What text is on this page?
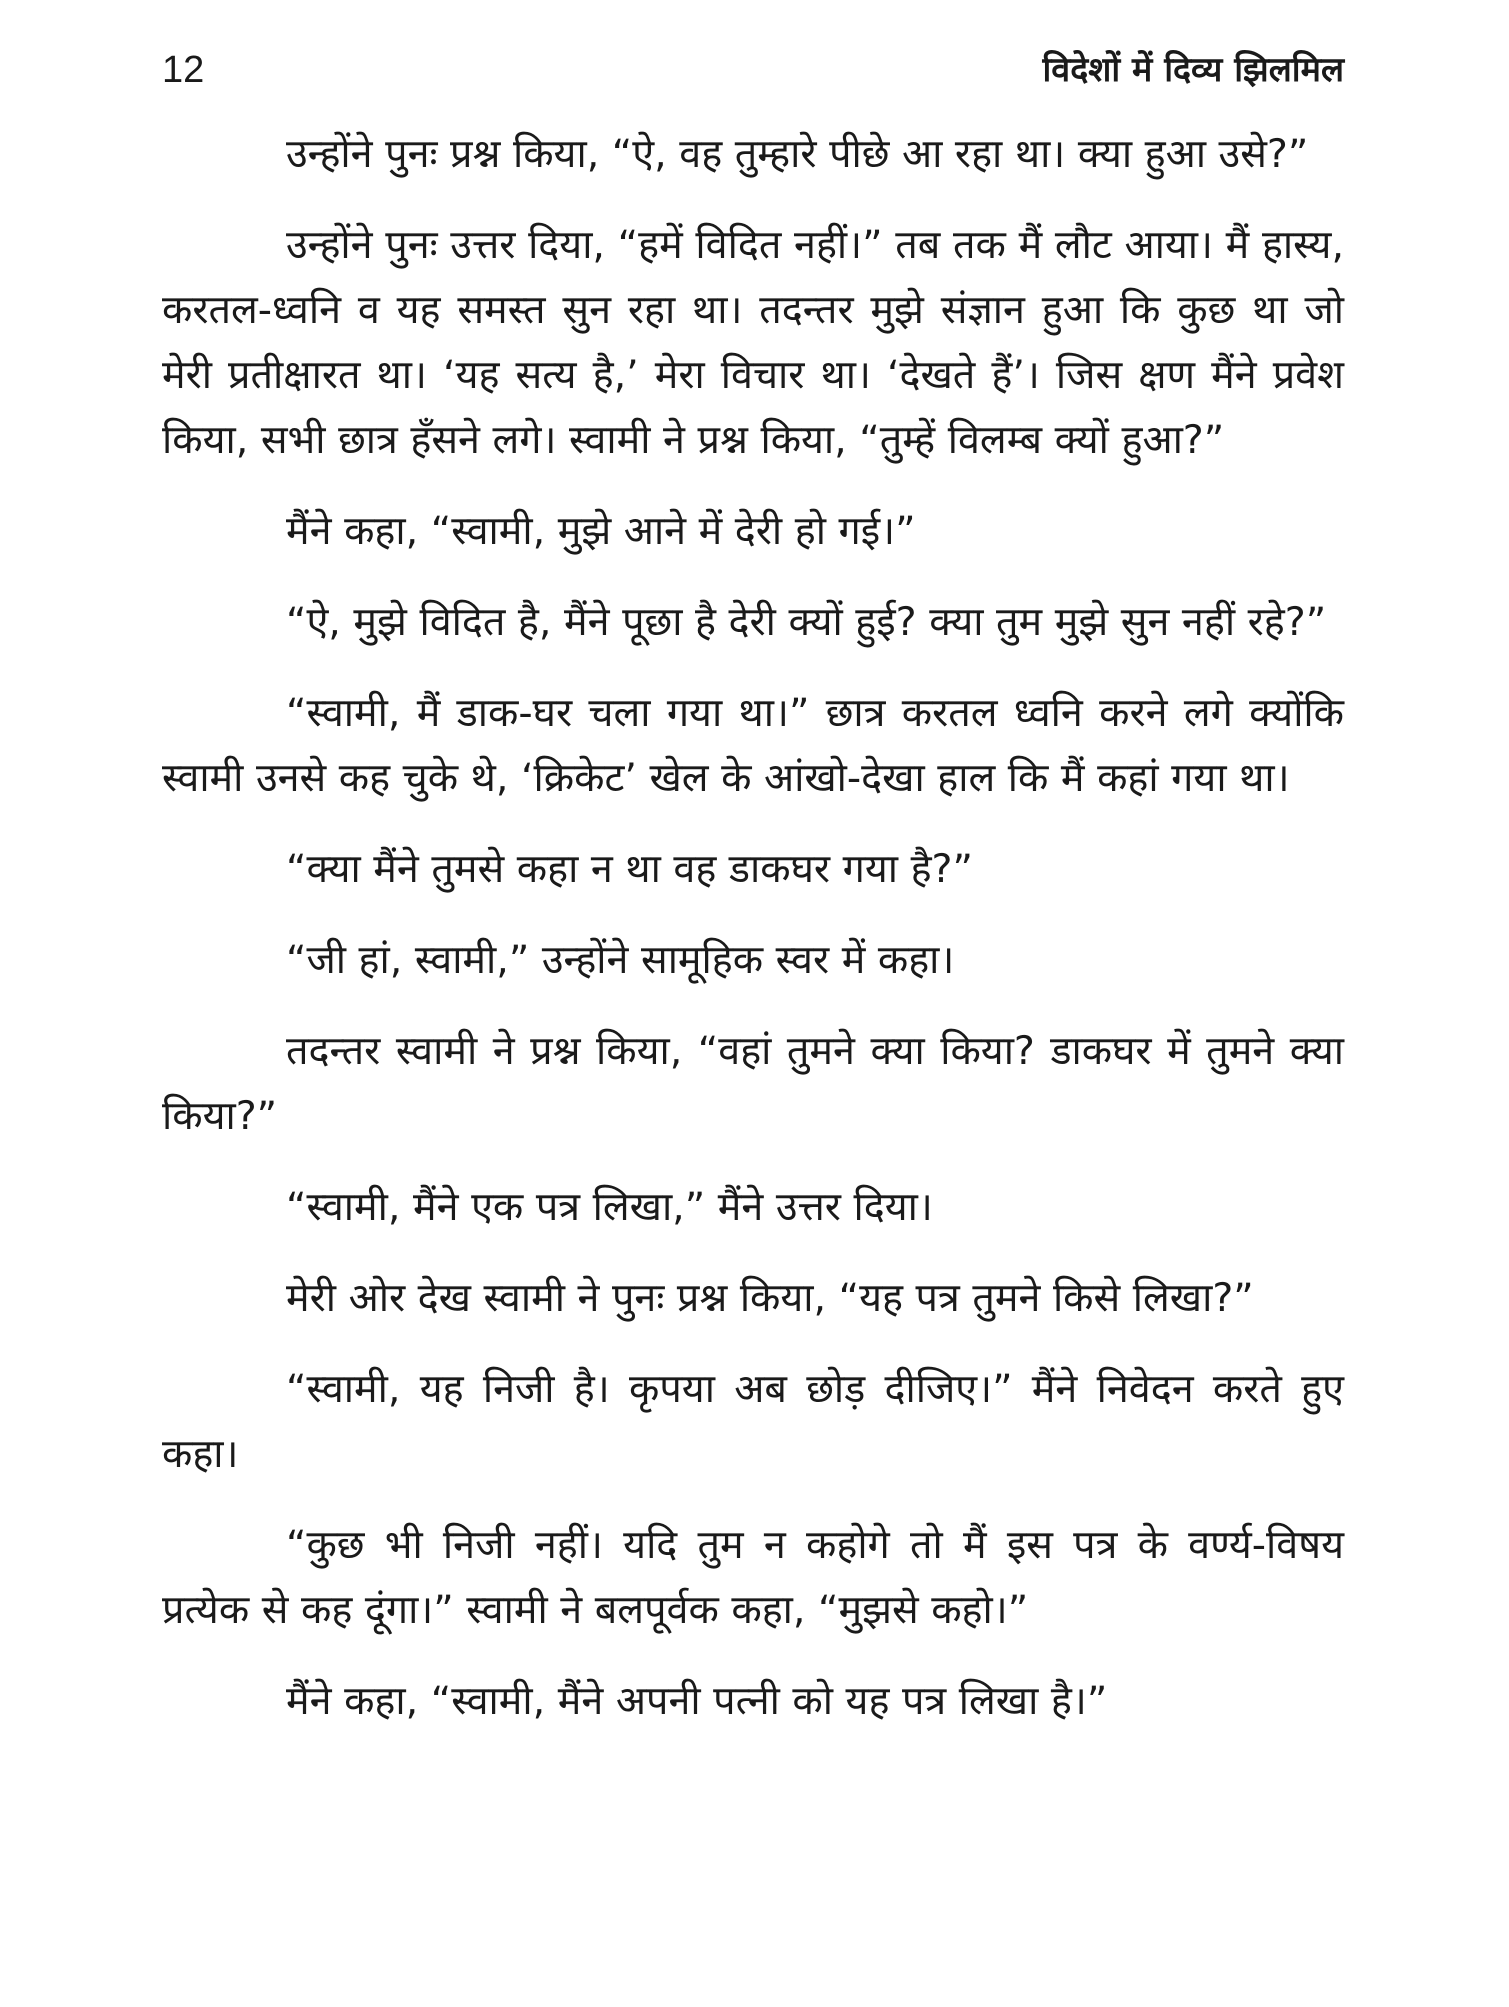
12	विदेशों में दिव्य झिलमिल

उन्होंने पुनः प्रश्न किया, “ऐ, वह तुम्हारे पीछे आ रहा था। क्या हुआ उसे?”

उन्होंने पुनः उत्तर दिया, “हमें विदित नहीं।” तब तक मैं लौट आया। मैं हास्य, करतल-ध्वनि व यह समस्त सुन रहा था। तदन्तर मुझे संज्ञान हुआ कि कुछ था जो मेरी प्रतीक्षारत था। ‘यह सत्य है,’ मेरा विचार था। ‘देखते हैं’। जिस क्षण मैंने प्रवेश किया, सभी छात्र हँसने लगे। स्वामी ने प्रश्न किया, “तुम्हें विलम्ब क्यों हुआ?”

मैंने कहा, “स्वामी, मुझे आने में देरी हो गई।”

“ऐ, मुझे विदित है, मैंने पूछा है देरी क्यों हुई? क्या तुम मुझे सुन नहीं रहे?”

“स्वामी, मैं डाक-घर चला गया था।” छात्र करतल ध्वनि करने लगे क्योंकि स्वामी उनसे कह चुके थे, ‘क्रिकेट’ खेल के आंखो-देखा हाल कि मैं कहां गया था।

“क्या मैंने तुमसे कहा न था वह डाकघर गया है?”

“जी हां, स्वामी,” उन्होंने सामूहिक स्वर में कहा।

तदन्तर स्वामी ने प्रश्न किया, “वहां तुमने क्या किया? डाकघर में तुमने क्या किया?”

“स्वामी, मैंने एक पत्र लिखा,” मैंने उत्तर दिया।

मेरी ओर देख स्वामी ने पुनः प्रश्न किया, “यह पत्र तुमने किसे लिखा?”

“स्वामी, यह निजी है। कृपया अब छोड़ दीजिए।” मैंने निवेदन करते हुए कहा।

“कुछ भी निजी नहीं। यदि तुम न कहोगे तो मैं इस पत्र के वर्ण्य-विषय प्रत्येक से कह दूंगा।” स्वामी ने बलपूर्वक कहा, “मुझसे कहो।”

मैंने कहा, “स्वामी, मैंने अपनी पत्नी को यह पत्र लिखा है।”
